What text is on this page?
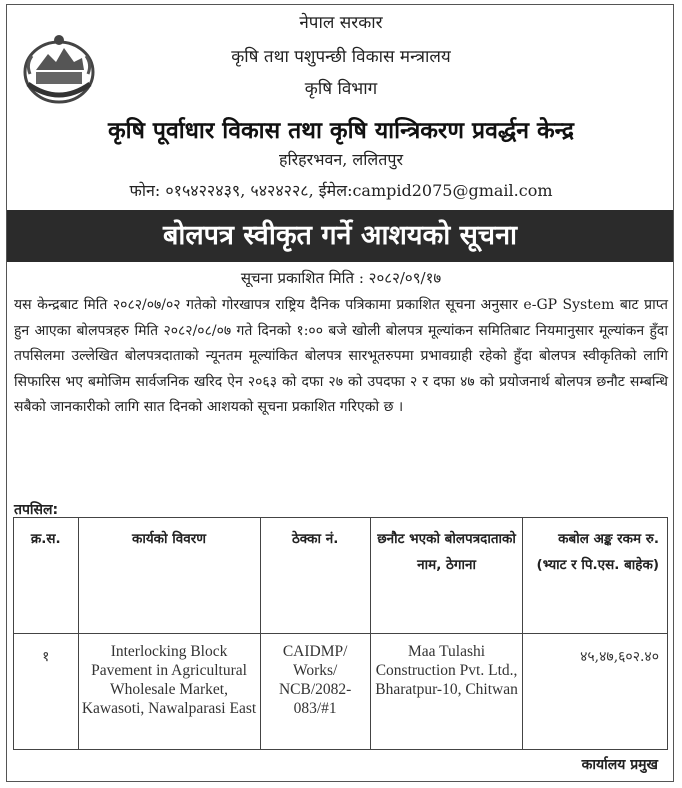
नेपाल सरकार
कृषि तथा पशुपन्छी विकास मन्त्रालय
कृषि विभाग
कृषि पूर्वाधार विकास तथा कृषि यान्त्रिकरण प्रवर्द्धन केन्द्र
हरिहरभवन, ललितपुर
फोन: ०१५४२२४३९, ५४२४२२८, ईमेल:campid2075@gmail.com
बोलपत्र स्वीकृत गर्ने आशयको सूचना
सूचना प्रकाशित मिति : २०८२/०९/१७
यस केन्द्रबाट मिति २०८२/०७/०२ गतेको गोरखापत्र राष्ट्रिय दैनिक पत्रिकामा प्रकाशित सूचना अनुसार e-GP System बाट प्राप्त हुन आएका बोलपत्रहरु मिति २०८२/०८/०७ गते दिनको १:०० बजे खोली बोलपत्र मूल्यांकन समितिबाट नियमानुसार मूल्यांकन हुँदा तपसिलमा उल्लेखित बोलपत्रदाताको न्यूनतम मूल्यांकित बोलपत्र सारभूतरुपमा प्रभावग्राही रहेको हुँदा बोलपत्र स्वीकृतिको लागि सिफारिस भए बमोजिम सार्वजनिक खरिद ऐन २०६३ को दफा २७ को उपदफा २ र दफा ४७ को प्रयोजनार्थ बोलपत्र छनौट सम्बन्धि सबैको जानकारीको लागि सात दिनको आशयको सूचना प्रकाशित गरिएको छ ।
तपसिल:
क्र.स.	कार्यको विवरण	ठेक्का नं.	छनौट भएको बोलपत्रदाताको नाम, ठेगाना	कबोल अङ्क रकम रु. (भ्याट र पि.एस. बाहेक)
१	Interlocking Block Pavement in Agricultural Wholesale Market, Kawasoti, Nawalparasi East	CAIDMP/ Works/ NCB/2082-083/#1	Maa Tulashi Construction Pvt. Ltd., Bharatpur-10, Chitwan	४५,४७,६०२.४०
कार्यालय प्रमुख
